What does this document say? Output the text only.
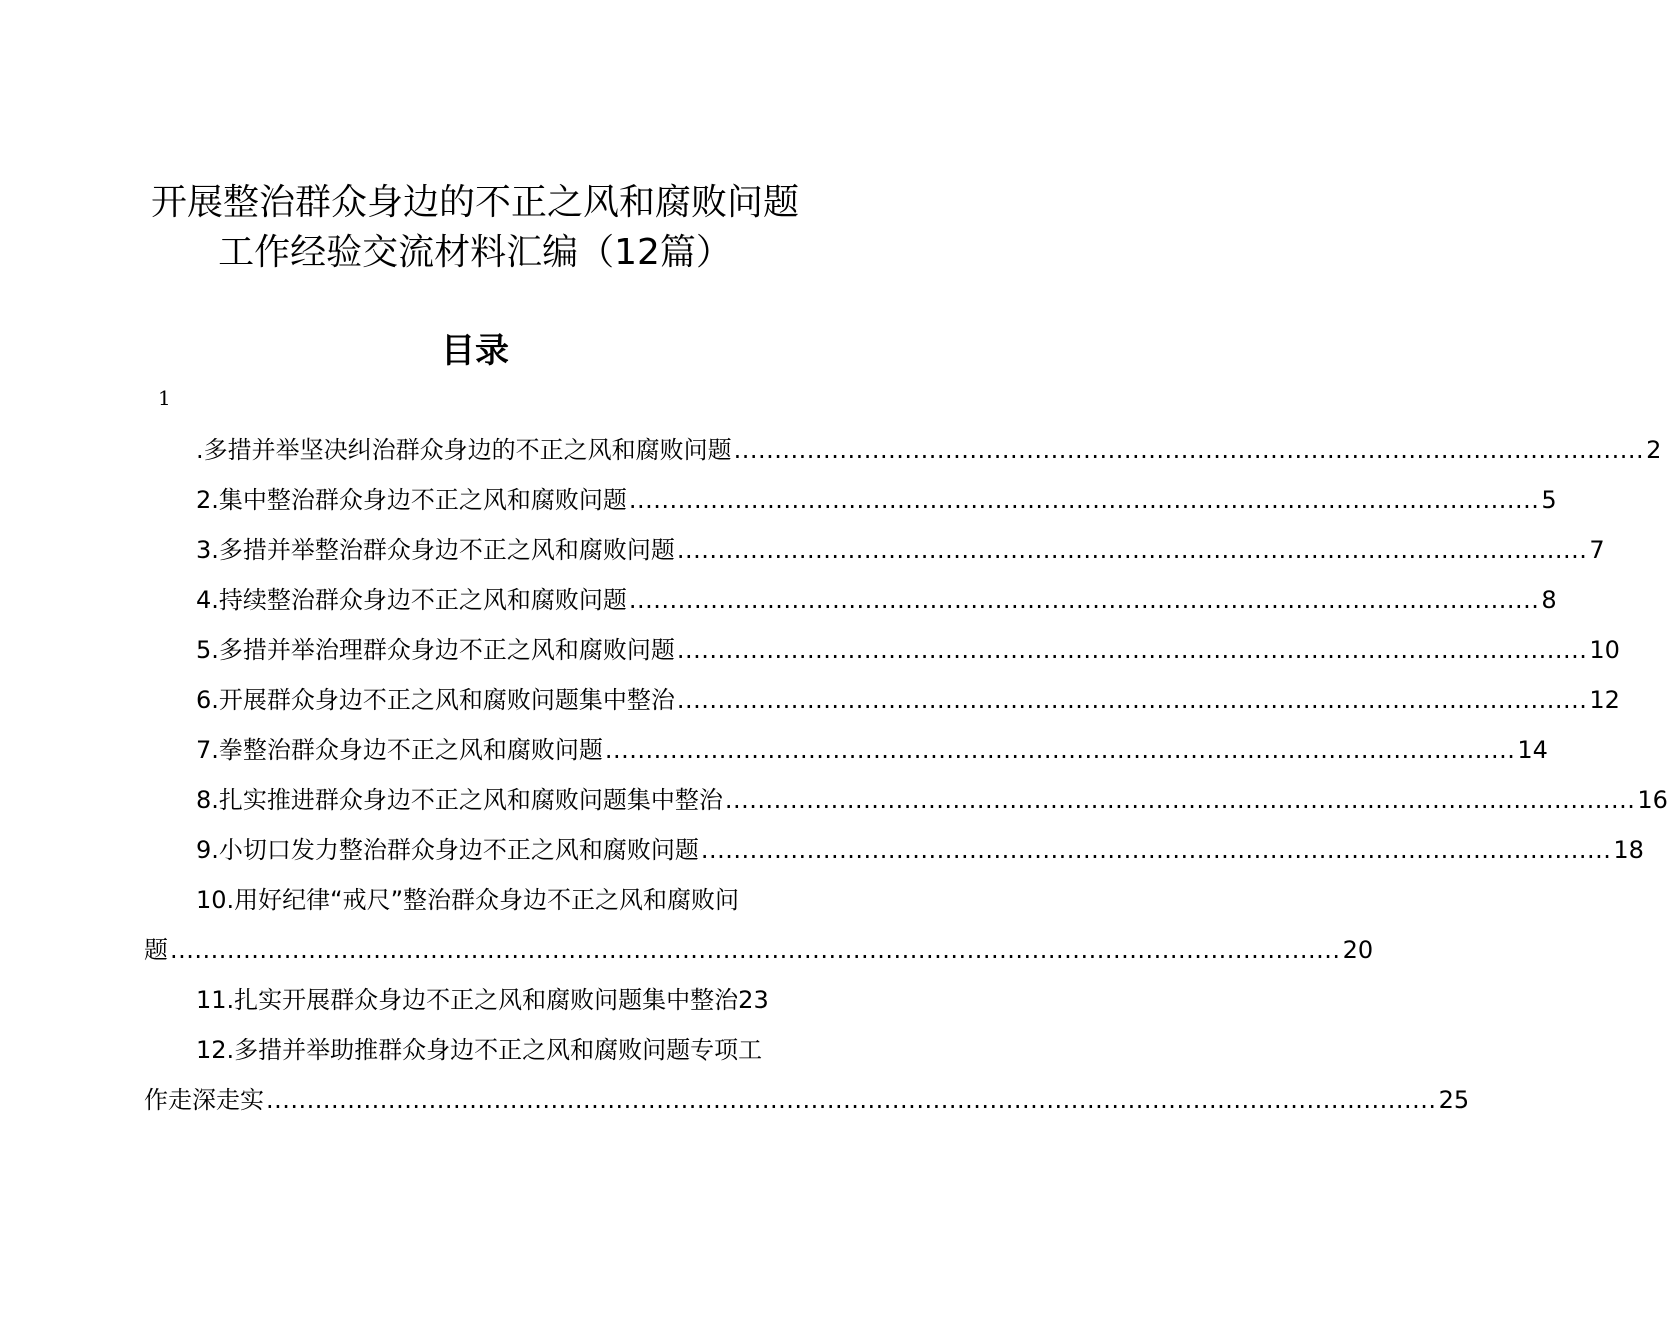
开展整治群众身边的不正之风和腐败问题
工作经验交流材料汇编（12篇）
目录
1
.多措并举坚决纠治群众身边的不正之风和腐败问题 ................................................................................................................ 2
2.集中整治群众身边不正之风和腐败问题 ................................................................................................................ 5
3.多措并举整治群众身边不正之风和腐败问题 ................................................................................................................ 7
4.持续整治群众身边不正之风和腐败问题 ................................................................................................................ 8
5.多措并举治理群众身边不正之风和腐败问题 ................................................................................................................ 10
6.开展群众身边不正之风和腐败问题集中整治 ................................................................................................................ 12
7.拳整治群众身边不正之风和腐败问题 ................................................................................................................ 14
8.扎实推进群众身边不正之风和腐败问题集中整治 ................................................................................................................ 16
9.小切口发力整治群众身边不正之风和腐败问题 ................................................................................................................ 18
10.用好纪律“戒尺”整治群众身边不正之风和腐败问
题 ................................................................................................................................................ 20
11.扎实开展群众身边不正之风和腐败问题集中整治 23
12.多措并举助推群众身边不正之风和腐败问题专项工
作走深走实 ................................................................................................................................................ 25
